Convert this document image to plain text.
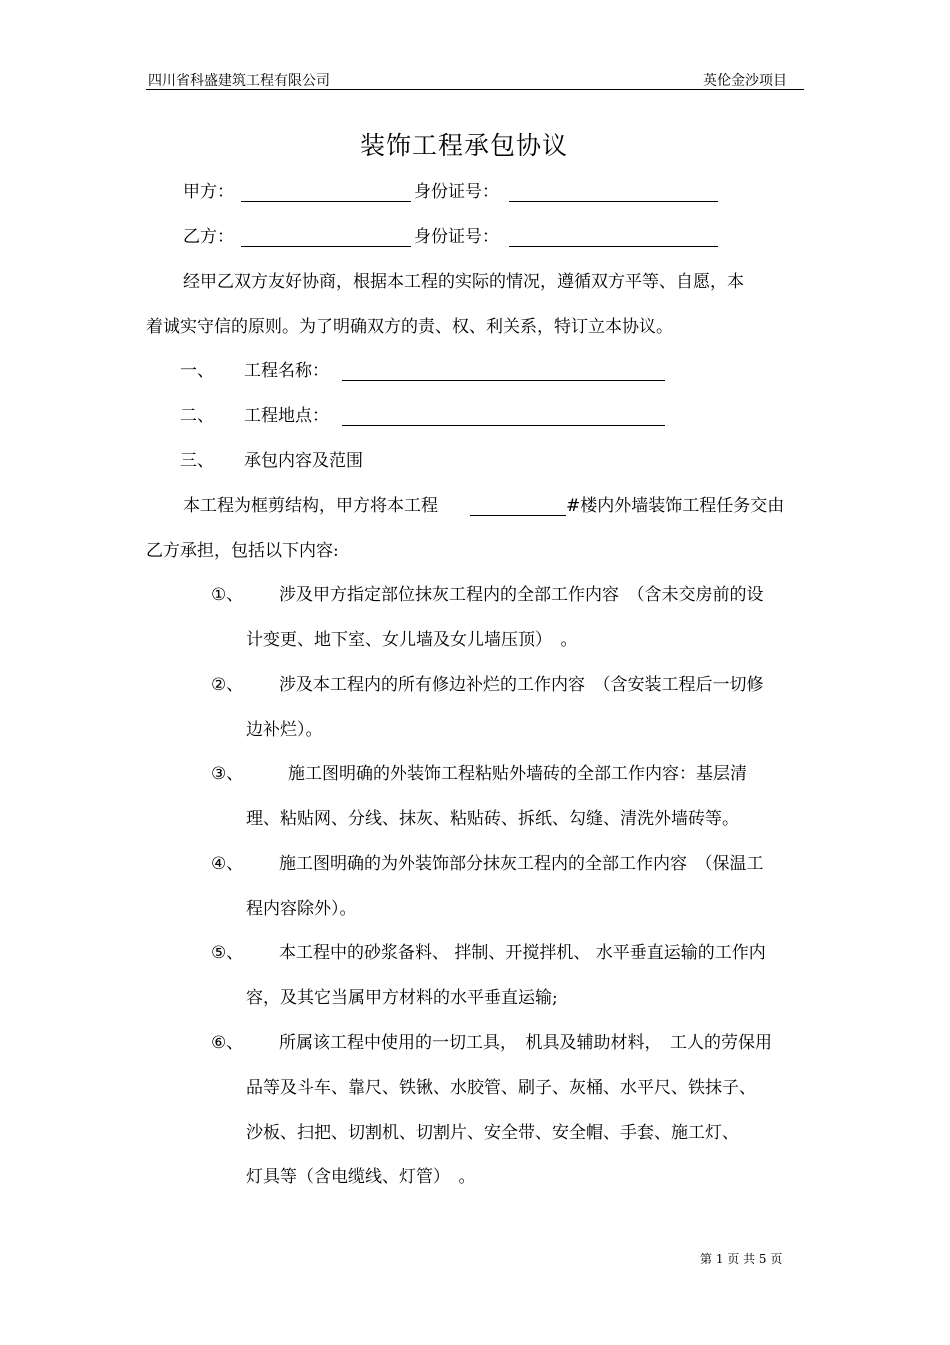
四川省科盛建筑工程有限公司	英伦金沙项目
装饰工程承包协议
甲方：	身份证号：
乙方：	身份证号：
经甲乙双方友好协商，根据本工程的实际的情况，遵循双方平等、自愿，本
着诚实守信的原则。为了明确双方的责、权、利关系，特订立本协议。
一、 工程名称：
二、 工程地点：
三、 承包内容及范围
本工程为框剪结构，甲方将本工程	#楼内外墙装饰工程任务交由
乙方承担，包括以下内容:
①、 涉及甲方指定部位抹灰工程内的全部工作内容　（含未交房前的设
计变更、地下室、女儿墙及女儿墙压顶）　。
②、 涉及本工程内的所有修边补烂的工作内容　（含安装工程后一切修
边补烂）。
③、	施工图明确的外装饰工程粘贴外墙砖的全部工作内容：基层清
理、粘贴网、分线、抹灰、粘贴砖、拆纸、勾缝、清洗外墙砖等。
④、 施工图明确的为外装饰部分抹灰工程内的全部工作内容　（保温工
程内容除外）。
⑤、 本工程中的砂浆备料、 拌制、开搅拌机、 水平垂直运输的工作内
容，及其它当属甲方材料的水平垂直运输;
⑥、 所属该工程中使用的一切工具，　机具及辅助材料，　工人的劳保用
品等及斗车、靠尺、铁锹、水胶管、刷子、灰桶、水平尺、铁抹子、
沙板、扫把、切割机、切割片、安全带、安全帽、手套、施工灯、
灯具等（含电缆线、灯管）　。
第 1 页 共 5 页
